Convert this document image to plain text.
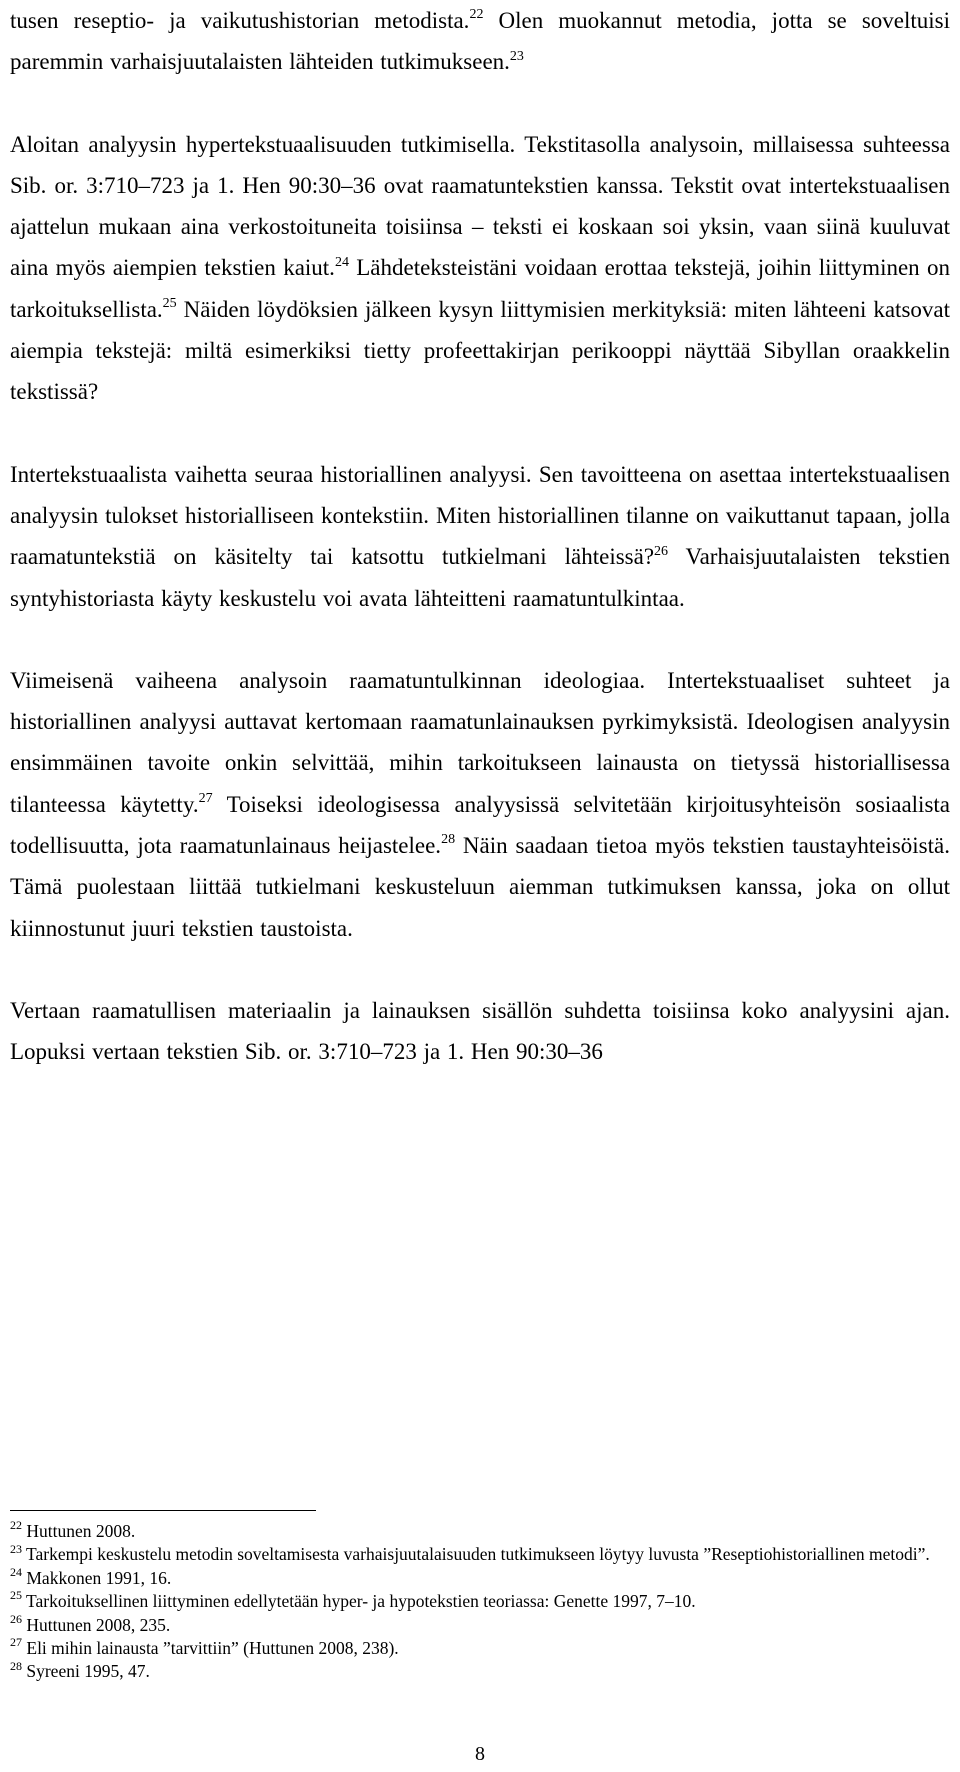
tusen reseptio- ja vaikutushistorian metodista.$^{22}$ Olen muokannut metodia, jotta se soveltuisi paremmin varhaisjuutalaisten lähteiden tutkimukseen.$^{23}$

Aloitan analyysin hypertekstuaalisuuden tutkimisella. Tekstitasolla analysoin, millaisessa suhteessa Sib. or. 3:710–723 ja 1. Hen 90:30–36 ovat raamatuntekstien kanssa. Tekstit ovat intertekstuaalisen ajattelun mukaan aina verkostoituneita toisiinsa – teksti ei koskaan soi yksin, vaan siinä kuuluvat aina myös aiempien tekstien kaiut.$^{24}$ Lähdeteksteistäni voidaan erottaa tekstejä, joihin liittyminen on tarkoituksellista.$^{25}$ Näiden löydöksien jälkeen kysyn liittymisien merkityksiä: miten lähteeni katsovat aiempia tekstejä: miltä esimerkiksi tietty profeettakirjan perikooppi näyttää Sibyllan oraakkelin tekstissä?

Intertekstuaalista vaihetta seuraa historiallinen analyysi. Sen tavoitteena on asettaa intertekstuaalisen analyysin tulokset historialliseen kontekstiin. Miten historiallinen tilanne on vaikuttanut tapaan, jolla raamatuntekstiä on käsitelty tai katsottu tutkielmani lähteissä?$^{26}$ Varhaisjuutalaisten tekstien syntyhistoriasta käyty keskustelu voi avata lähteitteni raamatuntulkintaa.

Viimeisenä vaiheena analysoin raamatuntulkinnan ideologiaa. Intertekstuaaliset suhteet ja historiallinen analyysi auttavat kertomaan raamatunlainauksen pyrkimyksistä. Ideologisen analyysin ensimmäinen tavoite onkin selvittää, mihin tarkoitukseen lainausta on tietyssä historiallisessa tilanteessa käytetty.$^{27}$ Toiseksi ideologisessa analyysissä selvitetään kirjoitusyhteisön sosiaalista todellisuutta, jota raamatunlainaus heijastelee.$^{28}$ Näin saadaan tietoa myös tekstien taustayhteisöistä. Tämä puolestaan liittää tutkielmani keskusteluun aiemman tutkimuksen kanssa, joka on ollut kiinnostunut juuri tekstien taustoista.

Vertaan raamatullisen materiaalin ja lainauksen sisällön suhdetta toisiinsa koko analyysini ajan. Lopuksi vertaan tekstien Sib. or. 3:710–723 ja 1. Hen 90:30–36

$^{22}$ Huttunen 2008.

$^{23}$ Tarkempi keskustelu metodin soveltamisesta varhaisjuutalaisuuden tutkimukseen löytyy luvusta ”Reseptiohistoriallinen metodi”.

$^{24}$ Makkonen 1991, 16.

$^{25}$ Tarkoituksellinen liittyminen edellytetään hyper- ja hypotekstien teoriassa: Genette 1997, 7–10.

$^{26}$ Huttunen 2008, 235.

$^{27}$ Eli mihin lainausta ”tarvittiin” (Huttunen 2008, 238).

$^{28}$ Syreeni 1995, 47.

8
